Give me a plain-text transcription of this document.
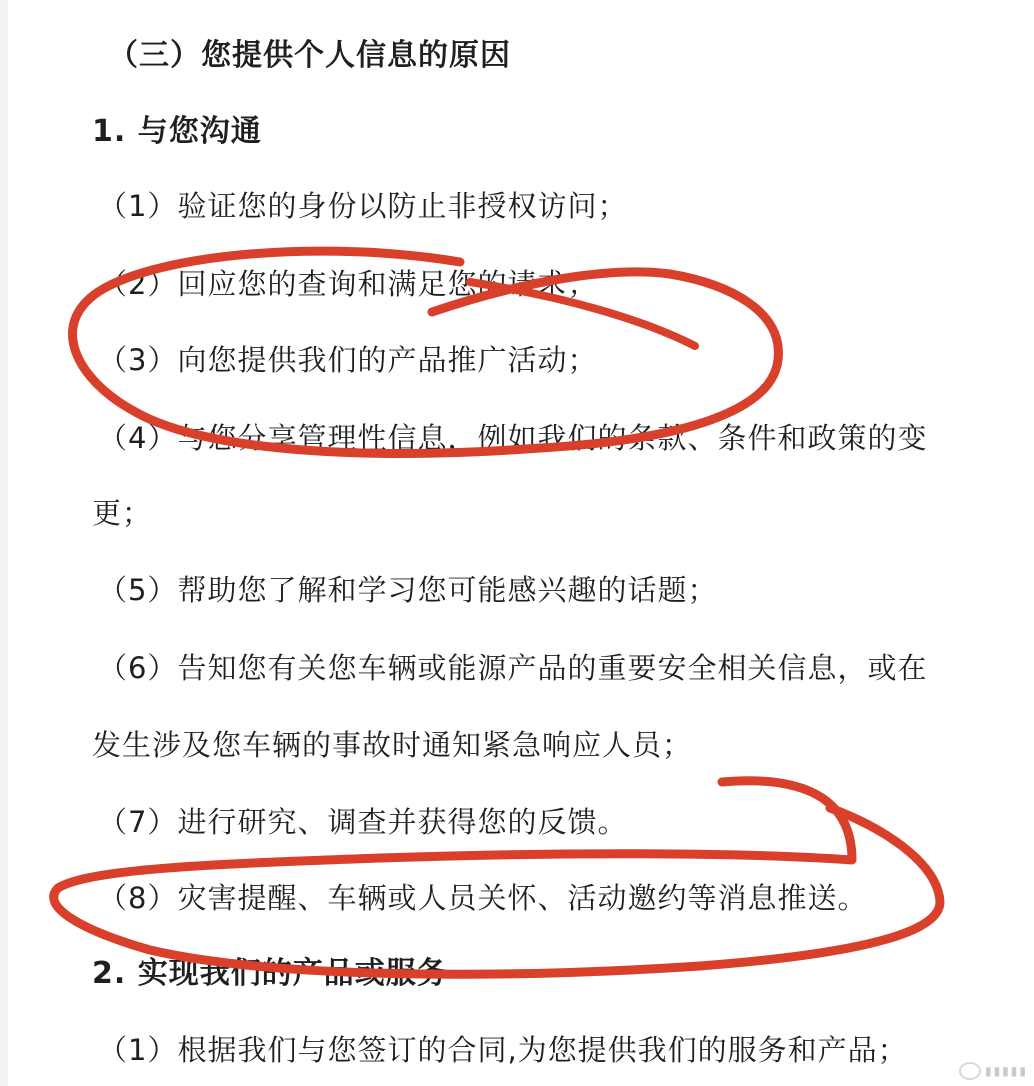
（三）您提供个人信息的原因
1. 与您沟通
（1）验证您的身份以防止非授权访问；
（2）回应您的查询和满足您的请求；
（3）向您提供我们的产品推广活动；
（4）与您分享管理性信息，例如我们的条款、条件和政策的变
更；
（5）帮助您了解和学习您可能感兴趣的话题；
（6）告知您有关您车辆或能源产品的重要安全相关信息，或在
发生涉及您车辆的事故时通知紧急响应人员；
（7）进行研究、调查并获得您的反馈。
（8）灾害提醒、车辆或人员关怀、活动邀约等消息推送。
2. 实现我们的产品或服务
（1）根据我们与您签订的合同,为您提供我们的服务和产品；
▮▮▮▮▮
